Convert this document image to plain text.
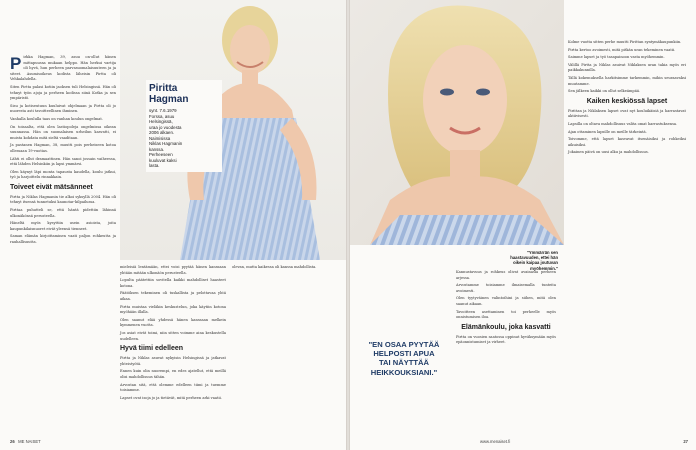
P irkka Hagman, 39, asuu on-ollut hänen mittapuussa mukaan helppo. Hän herkui vartija oli hyvä, hun perheen parvasuomalaisuuteen ja ja siteet. Asumisoikeus kodista läheisin Pirtta oli Vehkalahdella.

Siten Pirtta palasi kotiin jaoksen tuli Helsingissä. Hän oli tehnyt työn ajoja ja perheen kodissa siinä Kotka ja sen ympäristö.

Sisu ja kotiseutuun kuuluivat ohjelmaan ja Pirtta oli jo nuoresta asti tavoitteellinen ihminen.

Vanhalla koululla taas on vanhan koulun ongelmat.

On toisaalta, että olen lastiopoleja ongelmissa oikean suunnassa. Hän on suomalaisen urheilun kasvatti, ei muista kohdata mitä sieltä vaaditaan.

Ja pastanen Hagman, 38, muutti pois perheiseen kotoa ollessaan 19-vuotias.

Lähti ei ollut dramaattinen. Hän sanoi jossain vaiheessa, että lähden Helsinkiin ja lapsi ymmärsi.

Olen käynyt läpi monta tapausta kaudella, koulu jatkui, työ ja harjoittelu rinnakkain.

Toiveet eivät mätsänneet

Pirtta ja Niklas Hagmanin tie alkoi syksyllä 2004. Hän oli tehnyt itsensä tunnetuksi kaunotar-kilpailussa.

Pirttaa puhutteli se, että häntä pidettiin lähinnä ulkonäkönsä perusteella.

Häneltä myös kysyttiin usein asioista, joita kaupunkilaisnuoret eivät yleensä tienneet.

Saman elämän kirjoittaminen vaati paljon rohkeutta ja rauhallisuutta.

Piritta
Hagman
synt. 7.6.1979
Forssa, asuu
Helsingissä,
uraa jo vuodesta
2006 alkaen.
Naimisissa
Niklas Hagmanin
kanssa.
Perheeseen
kuuluvat kaksi
lasta.

mieleisiä lentämään, ettei voisi pyytää hänen kanssaan yhtään mitään ulkonäön perusteella.

Lopulta päätettiin sovitella kaikki mahdolliset haasteet kotona.

Päätöksen tekeminen oli tuskallista ja pelottavaa yhtä aikaa.

Pirtta muistaa vieläkin keskustelun, joka käytiin kotona myöhään illalla.

Olen saanut elää yhdessä hänen kanssaan melkein kymmenen vuotta.

Jos asiat eivät toimi, niin sitten voimme aina keskustella uudelleen.

Hyvä tiimi edelleen

Pirtta ja Niklas asuvat nykyisin Helsingissä ja jatkavat yhteistyötä.

Ennen kuin olin nuorempi, en edes ajatellut, että meillä olisi mahdollisuus tähän.

Arvostan sitä, että olemme edelleen tiimi ja tuemme toisiamme.

Lapset ovat isoja jo ja tietävät, mitä perheen arki vaatii.

olevan, mutta kaikessa oli kanssa mahdollista.

26 ME NAISET
"Ymmärrän sen haastavuuden, ettei hän oikein kaipaa joutuvan myöhemmin."

Kannustavuus ja rohkeus olivat avainasia perheen arjessa.

Arvostamme toisiamme ilmaisemalla tunteita avoimesti.

Olen tyytyväinen valintoihini ja siihen, mitä olen saanut aikaan.

Tavoitteen asettaminen toi perheelle myös onnistumisen iloa.

Elämänkoulu, joka kasvatti

Pirtta on vuosien saatossa oppinut hyväksymään myös epäonnistumiset ja virheet.

"EN OSAA PYYTÄÄ
HELPOSTI APUA
TAI NÄYTTÄÄ
HEIKKOUKSIANI."

Kolme vuotta sitten perhe muutti Pirittan syntymäkaupunkiin.

Pirtta kertoo avoimesti, mitä pitkän uran tekeminen vaatii.

Saimme lapset ja työ tasapainoon vasta myöhemmin.

Välillä Pirtta ja Niklas asuivat Niklaksen uran takia myös eri paikkakunnilla.

Tällä kokemuksella harkitsimme tarkemmin, mihin seuraavaksi muutamme.

Sen jälkeen kaikki on ollut selkeämpää.

Kaiken keskiössä lapset

Pirittan ja Niklaksen lapset ovat nyt kouluikäisiä ja harrastavat aktiivisesti.

Lapsilla on oltava mahdollisuus valita omat harrastuksensa.

Ajan ottaminen lapsille on meille tärkeintä.

Toivomme, että lapset kasvavat itsenäisiksi ja rohkeiksi aikuisiksi.

Jokainen päivä on uusi alku ja mahdollisuus.

www.menaiset.fi	27
